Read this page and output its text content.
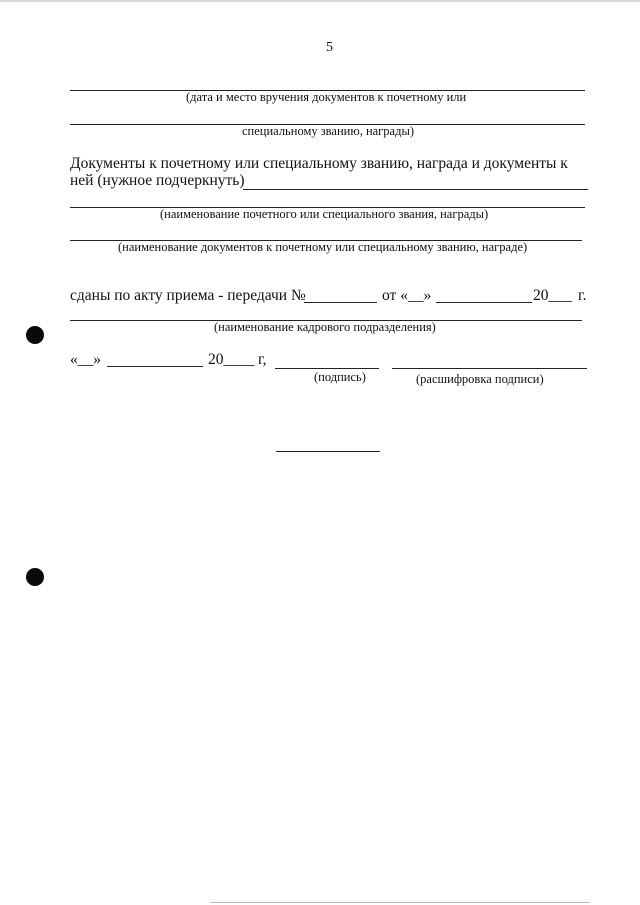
5
(дата и место вручения документов к почетному или
специальному званию, награды)
Документы к почетному или специальному званию, награда и документы к
ней (нужное подчеркнуть)
(наименование почетного или специального звания, награды)
(наименование документов к почетному или специальному званию, награде)
сданы по акту приема - передачи №	от «__»	20___ г.
(наименование кадрового подразделения)
«__»	20____ г,
(подпись)	(расшифровка подписи)
